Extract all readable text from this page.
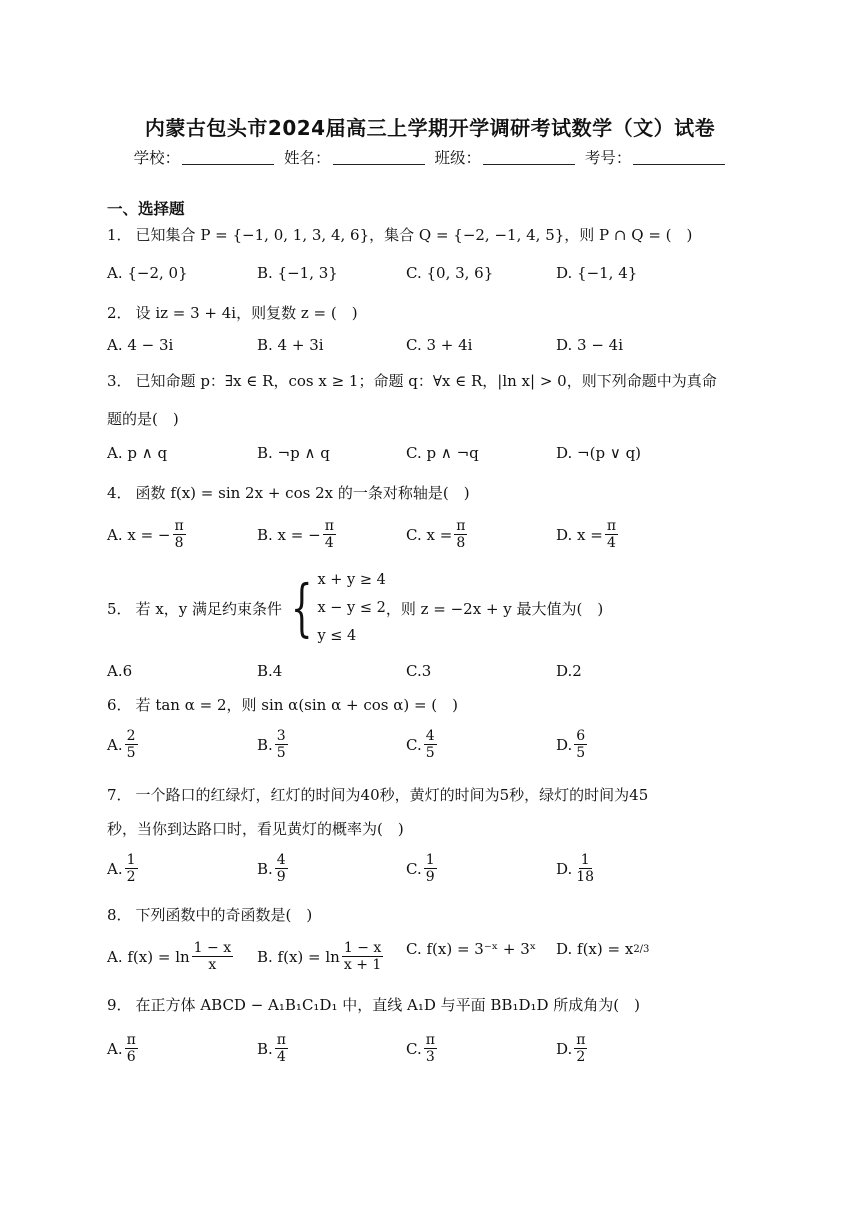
内蒙古包头市2024届高三上学期开学调研考试数学（文）试卷
学校：	姓名：	班级：	考号：
一、选择题
1． 已知集合 P = {−1, 0, 1, 3, 4, 6}，集合 Q = {−2, −1, 4, 5}，则 P ∩ Q = (　)
A. {−2, 0}	B. {−1, 3}	C. {0, 3, 6}	D. {−1, 4}
2． 设 iz = 3 + 4i，则复数 z = (　)
A. 4 − 3i	B. 4 + 3i	C. 3 + 4i	D. 3 − 4i
3． 已知命题 p：∃x ∈ R，cos x ≥ 1；命题 q：∀x ∈ R，|ln x| > 0，则下列命题中为真命
题的是(　)
A. p ∧ q	B. ¬p ∧ q	C. p ∧ ¬q	D. ¬(p ∨ q)
4． 函数 f(x) = sin 2x + cos 2x 的一条对称轴是(　)
A. x = − $\frac{\pi}{8}$	B. x = − $\frac{\pi}{4}$	C. $x = \frac{\pi}{8}$	D. $x = \frac{\pi}{4}$
5． 若 x，y 满足约束条件 { x + y ≥ 4
x − y ≤ 2
y ≤ 4
，则 z = −2x + y 最大值为(　)
A.6	B.4	C.3	D.2
6． 若 tan α = 2，则 sin α(sin α + cos α) = (　)
A. $\frac{2}{5}$	B. $\frac{3}{5}$	C. $\frac{4}{5}$	D. $\frac{6}{5}$
7． 一个路口的红绿灯，红灯的时间为40秒，黄灯的时间为5秒，绿灯的时间为45
秒，当你到达路口时，看见黄灯的概率为(　)
A. $\frac{1}{2}$	B. $\frac{4}{9}$	C. $\frac{1}{9}$	D. $\frac{1}{18}$
8． 下列函数中的奇函数是(　)
A. $f(x) = \ln \frac{1 - x}{x} B$. $f(x) = \ln \frac{1 - x}{x + 1} C$. f(x) = 3⁻ˣ + 3ˣ D. f(x) = x 2/3
9． 在正方体 ABCD − A₁B₁C₁D₁ 中，直线 A₁D 与平面 BB₁D₁D 所成角为(　)
A. $\frac{\pi}{6}$	B. $\frac{\pi}{4}$	C. $\frac{\pi}{3}$	D. $\frac{\pi}{2}$
